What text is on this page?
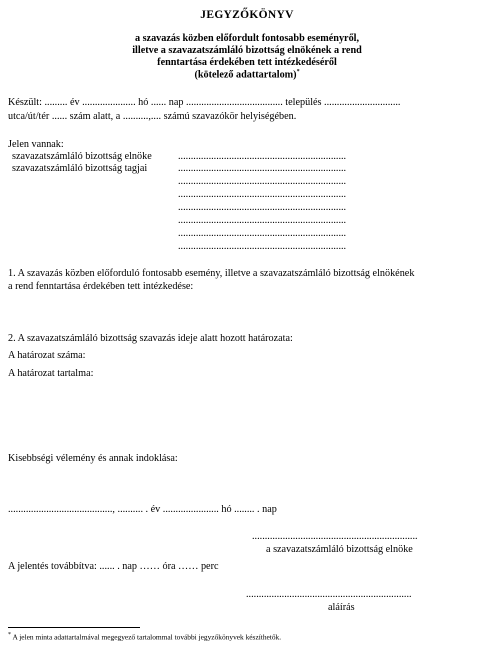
JEGYZŐKÖNYV
a szavazás közben előfordult fontosabb eseményről,
illetve a szavazatszámláló bizottság elnökének a rend
fenntartása érdekében tett intézkedéséről
(kötelező adattartalom)*
Készült: ......... év ..................... hó ...... nap ...................................... település ..............................
utca/út/tér ...... szám alatt, a ..........,.... számú szavazókör helyiségében.
Jelen vannak:
szavazatszámláló bizottság elnöke
szavazatszámláló bizottság tagjai
..................................................................
..................................................................
..................................................................
..................................................................
..................................................................
..................................................................
..................................................................
..................................................................
1. A szavazás közben előforduló fontosabb esemény, illetve a szavazatszámláló bizottság elnökének
a rend fenntartása érdekében tett intézkedése:
2. A szavazatszámláló bizottság szavazás ideje alatt hozott határozata:
A határozat száma:
A határozat tartalma:
Kisebbségi vélemény és annak indoklása:
........................................., .......... . év ...................... hó ........ . nap
.................................................................
a szavazatszámláló bizottság elnöke
A jelentés továbbítva: ...... . nap …… óra …… perc
.................................................................
aláírás
* A jelen minta adattartalmával megegyező tartalommal további jegyzőkönyvek készíthetők.
